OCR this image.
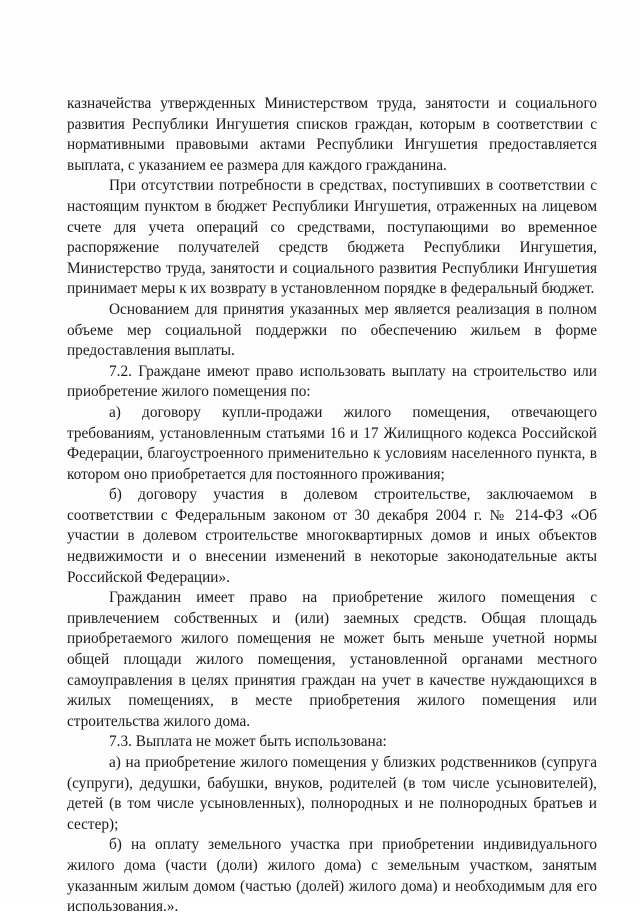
казначейства утвержденных Министерством труда, занятости и социального развития Республики Ингушетия списков граждан, которым в соответствии с нормативными правовыми актами Республики Ингушетия предоставляется выплата, с указанием ее размера для каждого гражданина.

При отсутствии потребности в средствах, поступивших в соответствии с настоящим пунктом в бюджет Республики Ингушетия, отраженных на лицевом счете для учета операций со средствами, поступающими во временное распоряжение получателей средств бюджета Республики Ингушетия, Министерство труда, занятости и социального развития Республики Ингушетия принимает меры к их возврату в установленном порядке в федеральный бюджет.

Основанием для принятия указанных мер является реализация в полном объеме мер социальной поддержки по обеспечению жильем в форме предоставления выплаты.

7.2. Граждане имеют право использовать выплату на строительство или приобретение жилого помещения по:

а) договору купли-продажи жилого помещения, отвечающего требованиям, установленным статьями 16 и 17 Жилищного кодекса Российской Федерации, благоустроенного применительно к условиям населенного пункта, в котором оно приобретается для постоянного проживания;

б) договору участия в долевом строительстве, заключаемом в соответствии с Федеральным законом от 30 декабря 2004 г. № 214-ФЗ «Об участии в долевом строительстве многоквартирных домов и иных объектов недвижимости и о внесении изменений в некоторые законодательные акты Российской Федерации».

Гражданин имеет право на приобретение жилого помещения с привлечением собственных и (или) заемных средств. Общая площадь приобретаемого жилого помещения не может быть меньше учетной нормы общей площади жилого помещения, установленной органами местного самоуправления в целях принятия граждан на учет в качестве нуждающихся в жилых помещениях, в месте приобретения жилого помещения или строительства жилого дома.

7.3. Выплата не может быть использована:

а) на приобретение жилого помещения у близких родственников (супруга (супруги), дедушки, бабушки, внуков, родителей (в том числе усыновителей), детей (в том числе усыновленных), полнородных и не полнородных братьев и сестер);

б) на оплату земельного участка при приобретении индивидуального жилого дома (части (доли) жилого дома) с земельным участком, занятым указанным жилым домом (частью (долей) жилого дома) и необходимым для его использования.».
